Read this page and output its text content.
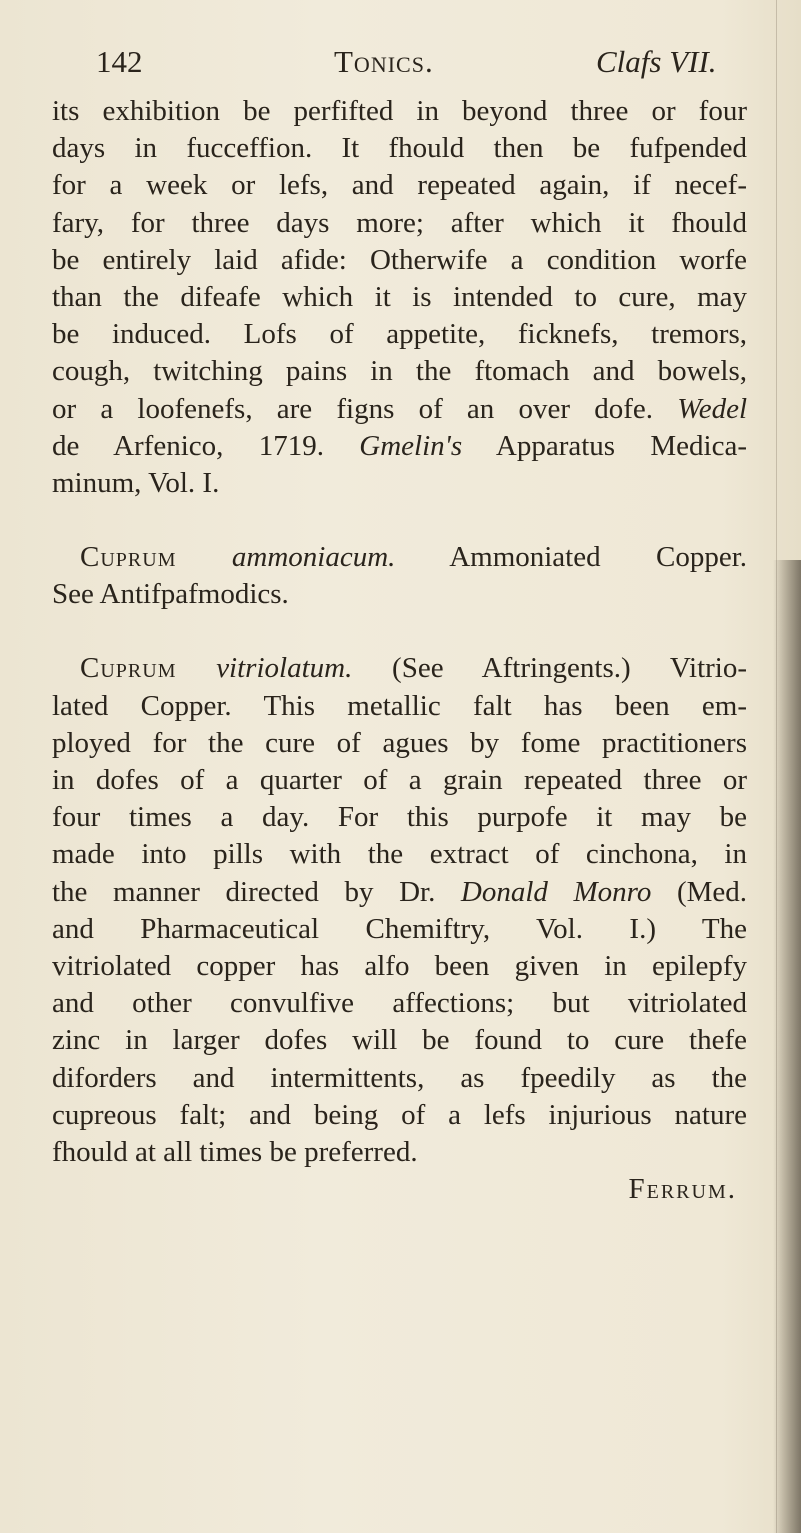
142	Tonics.	Clafs VII.
its exhibition be perfifted in beyond three or four
days in fucceffion. It fhould then be fufpended
for a week or lefs, and repeated again, if necef-
fary, for three days more; after which it fhould
be entirely laid afide: Otherwife a condition worfe
than the difeafe which it is intended to cure, may
be induced. Lofs of appetite, ficknefs, tremors,
cough, twitching pains in the ftomach and bowels,
or a loofenefs, are figns of an over dofe. Wedel
de Arfenico, 1719. Gmelin's Apparatus Medica-
minum, Vol. I.
Cuprum ammoniacum. Ammoniated Copper.
See Antifpafmodics.
Cuprum vitriolatum. (See Aftringents.) Vitrio-
lated Copper. This metallic falt has been em-
ployed for the cure of agues by fome practitioners
in dofes of a quarter of a grain repeated three or
four times a day. For this purpofe it may be
made into pills with the extract of cinchona, in
the manner directed by Dr. Donald Monro (Med.
and Pharmaceutical Chemiftry, Vol. I.) The
vitriolated copper has alfo been given in epilepfy
and other convulfive affections; but vitriolated
zinc in larger dofes will be found to cure thefe
diforders and intermittents, as fpeedily as the
cupreous falt; and being of a lefs injurious nature
fhould at all times be preferred.
Ferrum.
